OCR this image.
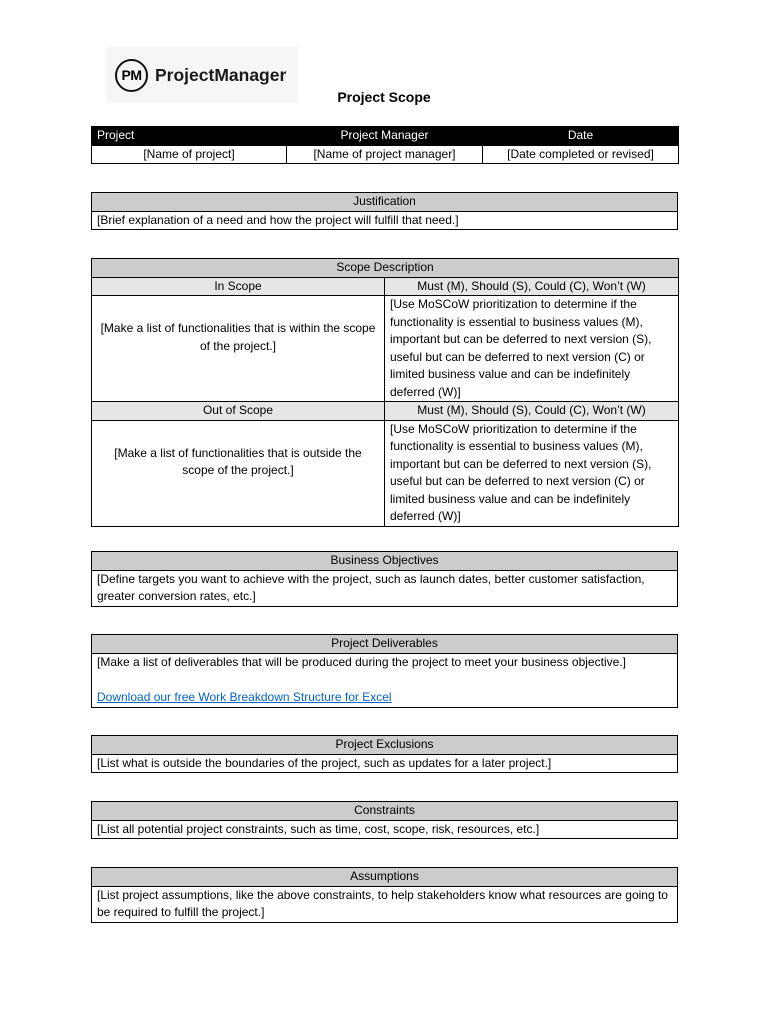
PM ProjectManager
Project Scope
Project	Project Manager	Date
[Name of project]	[Name of project manager]	[Date completed or revised]
Justification
[Brief explanation of a need and how the project will fulfill that need.]
Scope Description	
In Scope	Must (M), Should (S), Could (C), Won’t (W)
[Make a list of functionalities that is within the scope of the project.]	[Use MoSCoW prioritization to determine if the functionality is essential to business values (M), important but can be deferred to next version (S), useful but can be deferred to next version (C) or limited business value and can be indefinitely deferred (W)]
Out of Scope	Must (M), Should (S), Could (C), Won’t (W)
[Make a list of functionalities that is outside the scope of the project.]	[Use MoSCoW prioritization to determine if the functionality is essential to business values (M), important but can be deferred to next version (S), useful but can be deferred to next version (C) or limited business value and can be indefinitely deferred (W)]
Business Objectives
[Define targets you want to achieve with the project, such as launch dates, better customer satisfaction, greater conversion rates, etc.]
Project Deliverables

[Make a list of deliverables that will be produced during the project to meet your business objective.]
Download our free Work Breakdown Structure for Excel
Project Exclusions
[List what is outside the boundaries of the project, such as updates for a later project.]
Constraints
[List all potential project constraints, such as time, cost, scope, risk, resources, etc.]
Assumptions
[List project assumptions, like the above constraints, to help stakeholders know what resources are going to be required to fulfill the project.]
